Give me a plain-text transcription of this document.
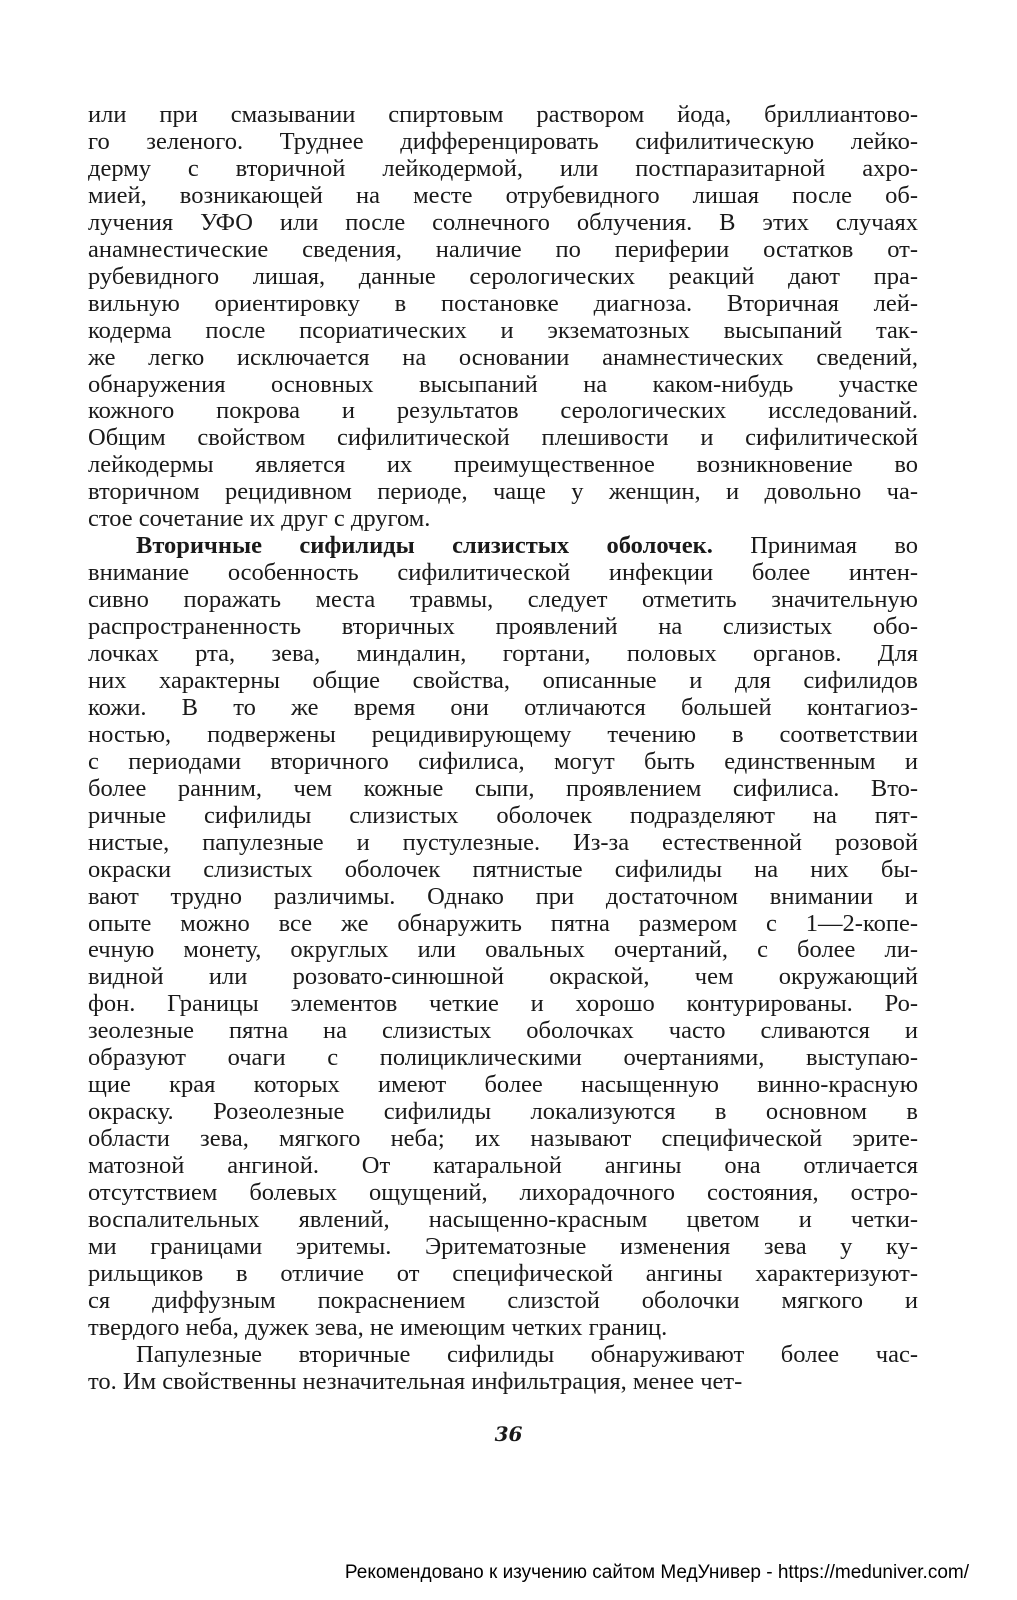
или при смазывании спиртовым раствором йода, бриллиантово-
го зеленого. Труднее дифференцировать сифилитическую лейко-
дерму с вторичной лейкодермой, или постпаразитарной ахро-
мией, возникающей на месте отрубевидного лишая после об-
лучения УФО или после солнечного облучения. В этих случаях
анамнестические сведения, наличие по периферии остатков от-
рубевидного лишая, данные серологических реакций дают пра-
вильную ориентировку в постановке диагноза. Вторичная лей-
кодерма после псориатических и экзематозных высыпаний так-
же легко исключается на основании анамнестических сведений,
обнаружения основных высыпаний на каком-нибудь участке
кожного покрова и результатов серологических исследований.
Общим свойством сифилитической плешивости и сифилитической
лейкодермы является их преимущественное возникновение во
вторичном рецидивном периоде, чаще у женщин, и довольно ча-
стое сочетание их друг с другом.
Вторичные сифилиды слизистых оболочек. Принимая во
внимание особенность сифилитической инфекции более интен-
сивно поражать места травмы, следует отметить значительную
распространенность вторичных проявлений на слизистых обо-
лочках рта, зева, миндалин, гортани, половых органов. Для
них характерны общие свойства, описанные и для сифилидов
кожи. В то же время они отличаются большей контагиоз-
ностью, подвержены рецидивирующему течению в соответствии
с периодами вторичного сифилиса, могут быть единственным и
более ранним, чем кожные сыпи, проявлением сифилиса. Вто-
ричные сифилиды слизистых оболочек подразделяют на пят-
нистые, папулезные и пустулезные. Из-за естественной розовой
окраски слизистых оболочек пятнистые сифилиды на них бы-
вают трудно различимы. Однако при достаточном внимании и
опыте можно все же обнаружить пятна размером с 1—2-копе-
ечную монету, округлых или овальных очертаний, с более ли-
видной или розовато-синюшной окраской, чем окружающий
фон. Границы элементов четкие и хорошо контурированы. Ро-
зеолезные пятна на слизистых оболочках часто сливаются и
образуют очаги с полициклическими очертаниями, выступаю-
щие края которых имеют более насыщенную винно-красную
окраску. Розеолезные сифилиды локализуются в основном в
области зева, мягкого неба; их называют специфической эрите-
матозной ангиной. От катаральной ангины она отличается
отсутствием болевых ощущений, лихорадочного состояния, остро-
воспалительных явлений, насыщенно-красным цветом и четки-
ми границами эритемы. Эритематозные изменения зева у ку-
рильщиков в отличие от специфической ангины характеризуют-
ся диффузным покраснением слизстой оболочки мягкого и
твердого неба, дужек зева, не имеющим четких границ.
Папулезные вторичные сифилиды обнаруживают более час-
то. Им свойственны незначительная инфильтрация, менее чет-
36
Рекомендовано к изучению сайтом МедУнивер - https://meduniver.com/
